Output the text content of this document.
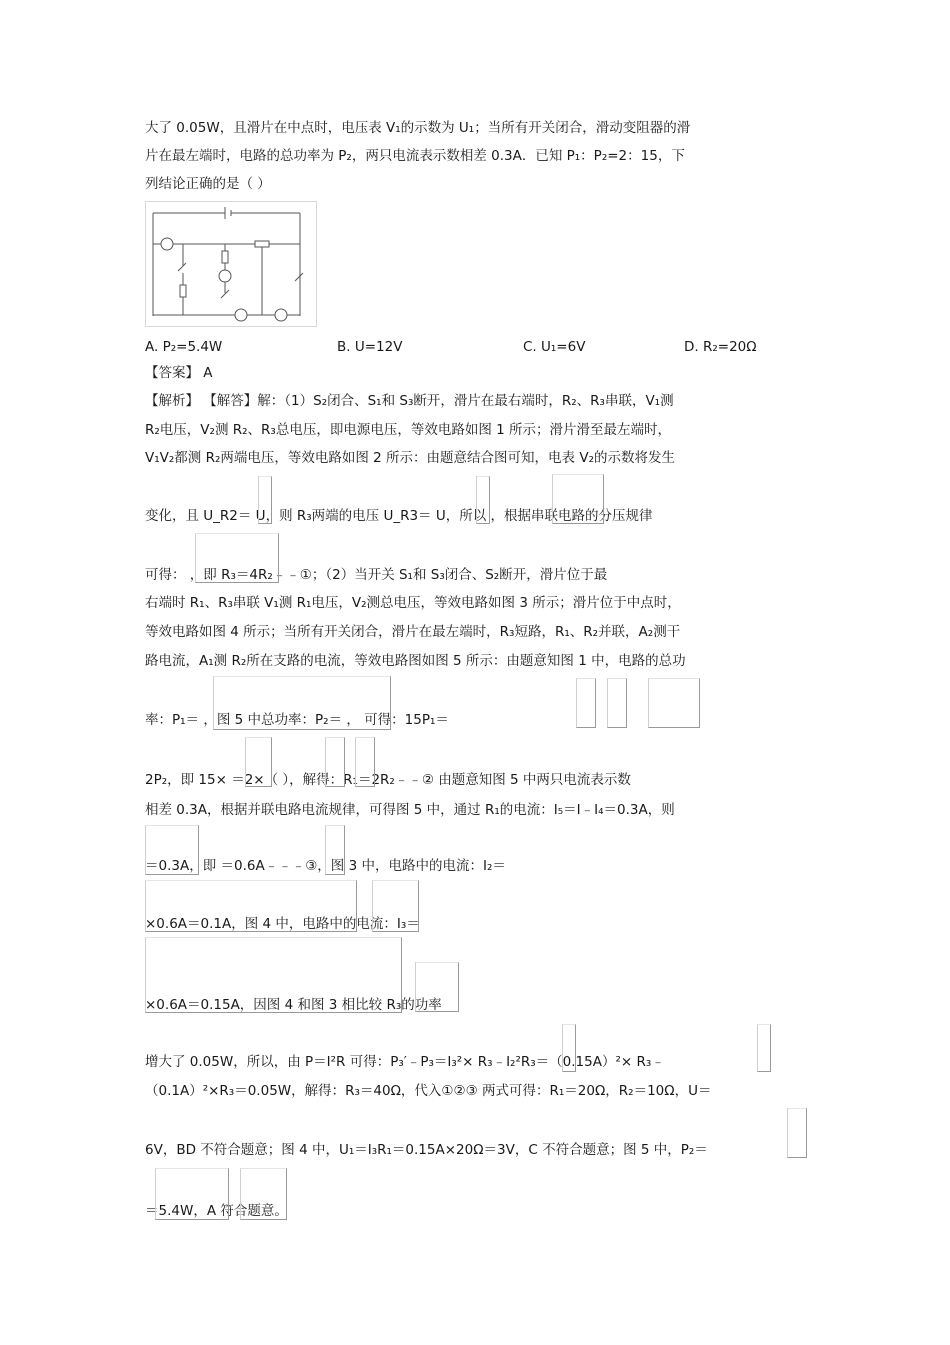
大了 0.05W，且滑片在中点时，电压表 V₁的示数为 U₁；当所有开关闭合，滑动变阻器的滑
片在最左端时，电路的总功率为 P₂，两只电流表示数相差 0.3A．已知 P₁：P₂=2：15，下
列结论正确的是（ ）
A. P₂=5.4W	B. U=12V	C. U₁=6V	D. R₂=20Ω
【答案】 A
【解析】 【解答】解：（1）S₂闭合、S₁和 S₃断开，滑片在最右端时，R₂、R₃串联，V₁测
R₂电压，V₂测 R₂、R₃总电压，即电源电压，等效电路如图 1 所示；滑片滑至最左端时，
V₁V₂都测 R₂两端电压，等效电路如图 2 所示：由题意结合图可知，电表 V₂的示数将发生
变化，且 U_R2＝ U，则 R₃两端的电压 U_R3＝ U，所以 ，根据串联电路的分压规律
可得： ，即 R₃＝4R₂﹣﹣①；（2）当开关 S₁和 S₃闭合、S₂断开，滑片位于最
右端时 R₁、R₃串联 V₁测 R₁电压，V₂测总电压，等效电路如图 3 所示；滑片位于中点时，
等效电路如图 4 所示；当所有开关闭合，滑片在最左端时，R₃短路，R₁、R₂并联，A₂测干
路电流，A₁测 R₂所在支路的电流，等效电路图如图 5 所示：由题意知图 1 中，电路的总功
率：P₁＝ ，图 5 中总功率：P₂＝ ， 可得：15P₁＝
2P₂，即 15× ＝2×（ ），解得：R₁＝2R₂﹣﹣② 由题意知图 5 中两只电流表示数
相差 0.3A，根据并联电路电流规律，可得图 5 中，通过 R₁的电流：I₅＝I﹣I₄＝0.3A，则
＝0.3A，即 ＝0.6A﹣﹣﹣③，图 3 中，电路中的电流：I₂＝
×0.6A＝0.1A，图 4 中，电路中的电流：I₃＝
×0.6A＝0.15A，因图 4 和图 3 相比较 R₃的功率
增大了 0.05W，所以，由 P＝I²R 可得：P₃′﹣P₃＝I₃²× R₃﹣I₂²R₃＝（0.15A）²× R₃﹣
（0.1A）²×R₃＝0.05W，解得：R₃＝40Ω，代入①②③ 两式可得：R₁＝20Ω，R₂＝10Ω，U＝
6V，BD 不符合题意；图 4 中，U₁＝I₃R₁＝0.15A×20Ω＝3V，C 不符合题意；图 5 中，P₂＝
＝5.4W，A 符合题意。
